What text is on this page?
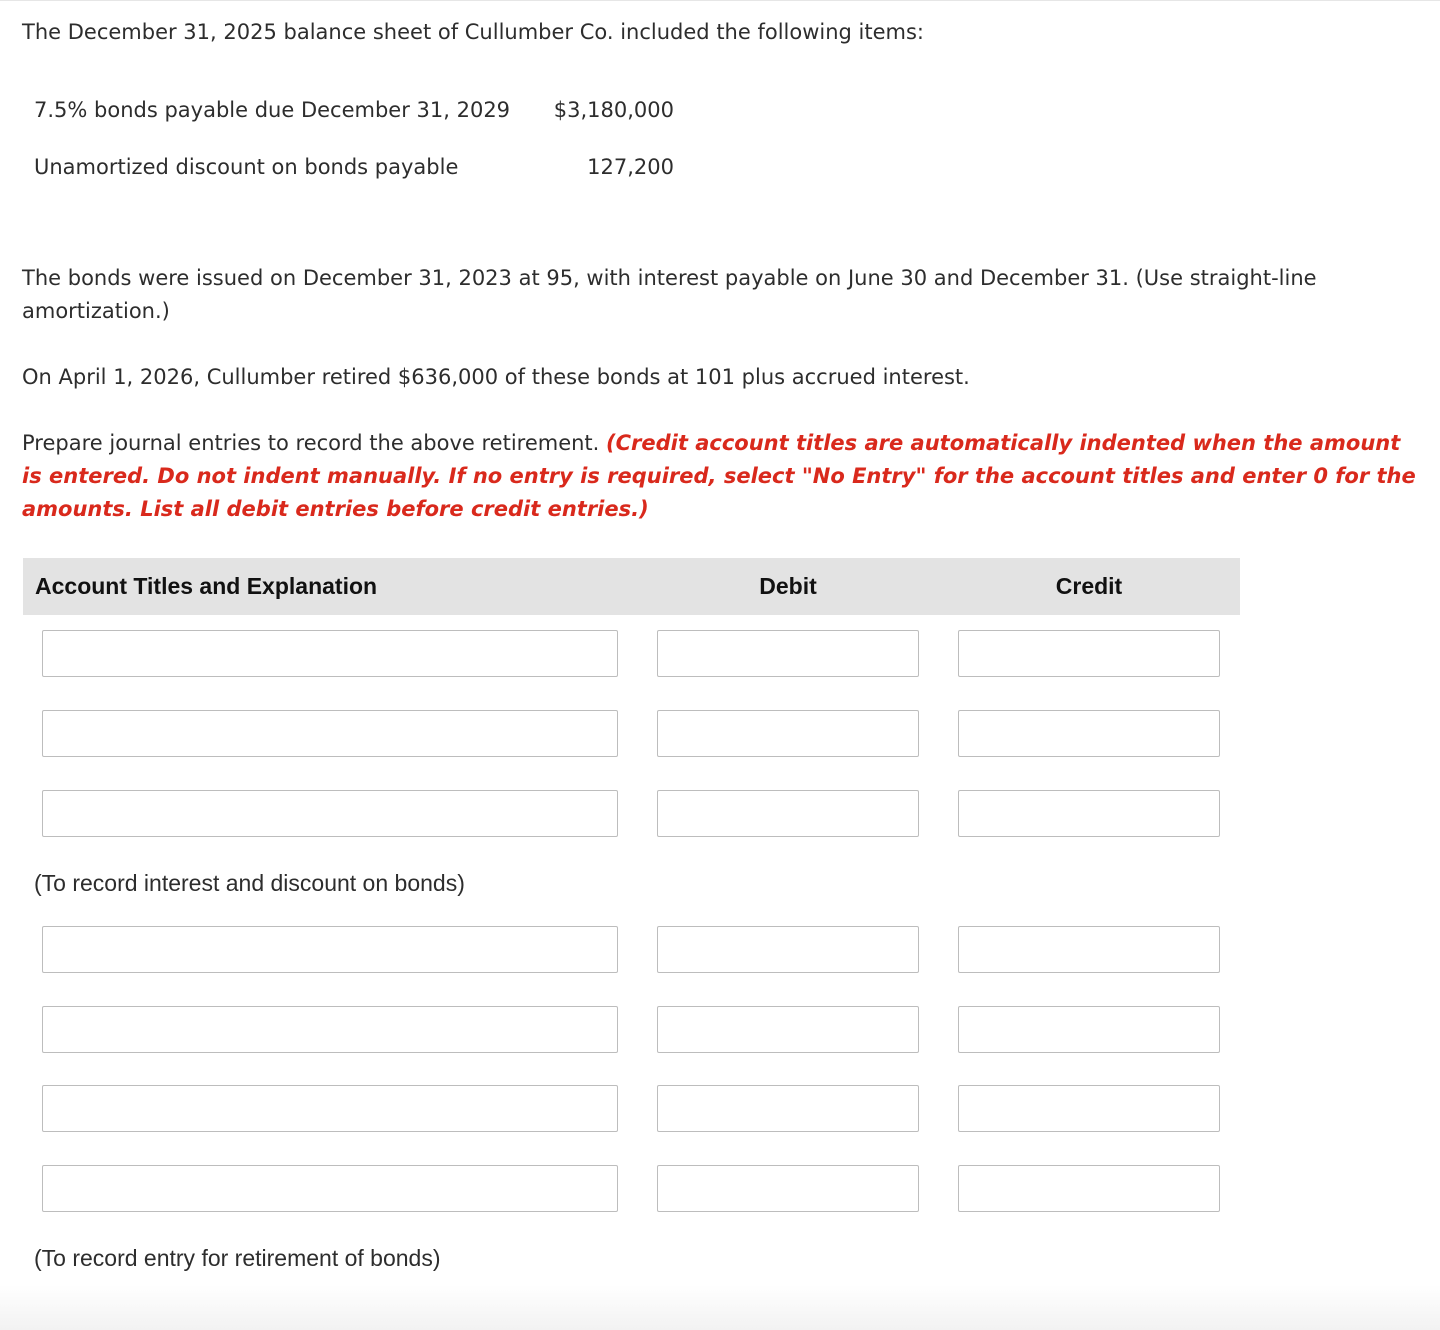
The December 31, 2025 balance sheet of Cullumber Co. included the following items:

7.5% bonds payable due December 31, 2029 $3,180,000
Unamortized discount on bonds payable	127,200

The bonds were issued on December 31, 2023 at 95, with interest payable on June 30 and December 31. (Use straight-line amortization.)

On April 1, 2026, Cullumber retired $636,000 of these bonds at 101 plus accrued interest.

Prepare journal entries to record the above retirement. (Credit account titles are automatically indented when the amount is entered. Do not indent manually. If no entry is required, select "No Entry" for the account titles and enter 0 for the amounts. List all debit entries before credit entries.)

Account Titles and Explanation	Debit	Credit
(To record interest and discount on bonds)
(To record entry for retirement of bonds)
